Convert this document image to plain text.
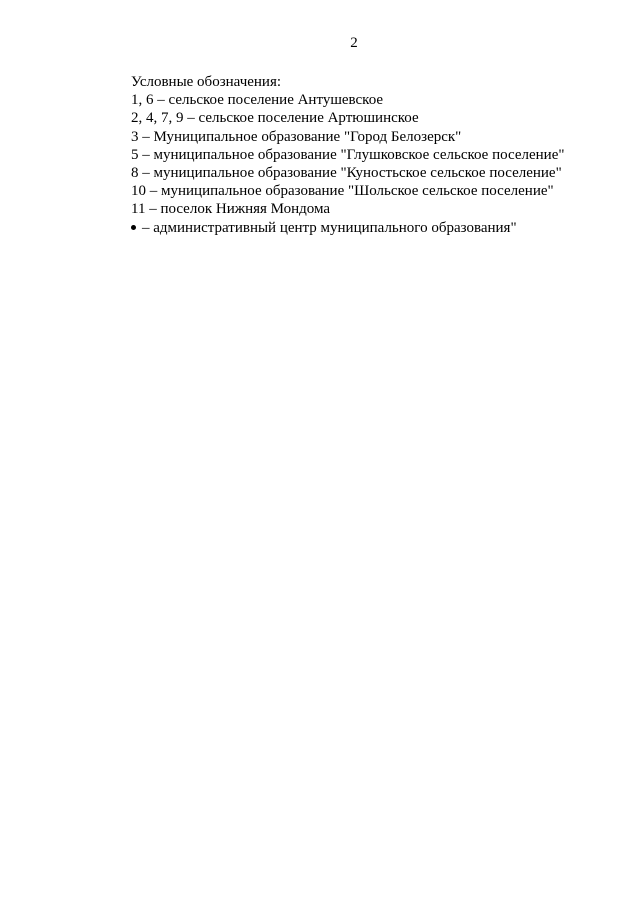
2
Условные обозначения:
1, 6 – сельское поселение Антушевское
2, 4, 7, 9 – сельское поселение Артюшинское
3 – Муниципальное образование "Город Белозерск"
5 – муниципальное образование "Глушковское сельское поселение"
8 – муниципальное образование "Куностьское сельское поселение"
10 – муниципальное образование "Шольское сельское поселение"
11 – поселок Нижняя Мондома
– административный центр муниципального образования"
